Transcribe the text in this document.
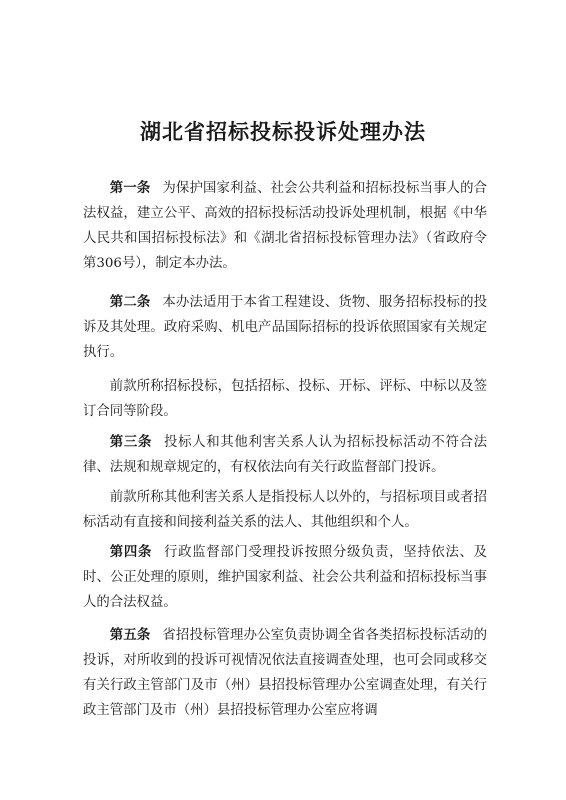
湖北省招标投标投诉处理办法

第一条 为保护国家利益、社会公共利益和招标投标当事人的合法权益，建立公平、高效的招标投标活动投诉处理机制，根据《中华人民共和国招标投标法》和《湖北省招标投标管理办法》（省政府令第306号），制定本办法。

第二条 本办法适用于本省工程建设、货物、服务招标投标的投诉及其处理。政府采购、机电产品国际招标的投诉依照国家有关规定执行。

前款所称招标投标，包括招标、投标、开标、评标、中标以及签订合同等阶段。

第三条 投标人和其他利害关系人认为招标投标活动不符合法律、法规和规章规定的，有权依法向有关行政监督部门投诉。

前款所称其他利害关系人是指投标人以外的，与招标项目或者招标活动有直接和间接利益关系的法人、其他组织和个人。

第四条 行政监督部门受理投诉按照分级负责，坚持依法、及时、公正处理的原则，维护国家利益、社会公共利益和招标投标当事人的合法权益。

第五条 省招投标管理办公室负责协调全省各类招标投标活动的投诉，对所收到的投诉可视情况依法直接调查处理，也可会同或移交有关行政主管部门及市（州）县招投标管理办公室调查处理，有关行政主管部门及市（州）县招投标管理办公室应将调
